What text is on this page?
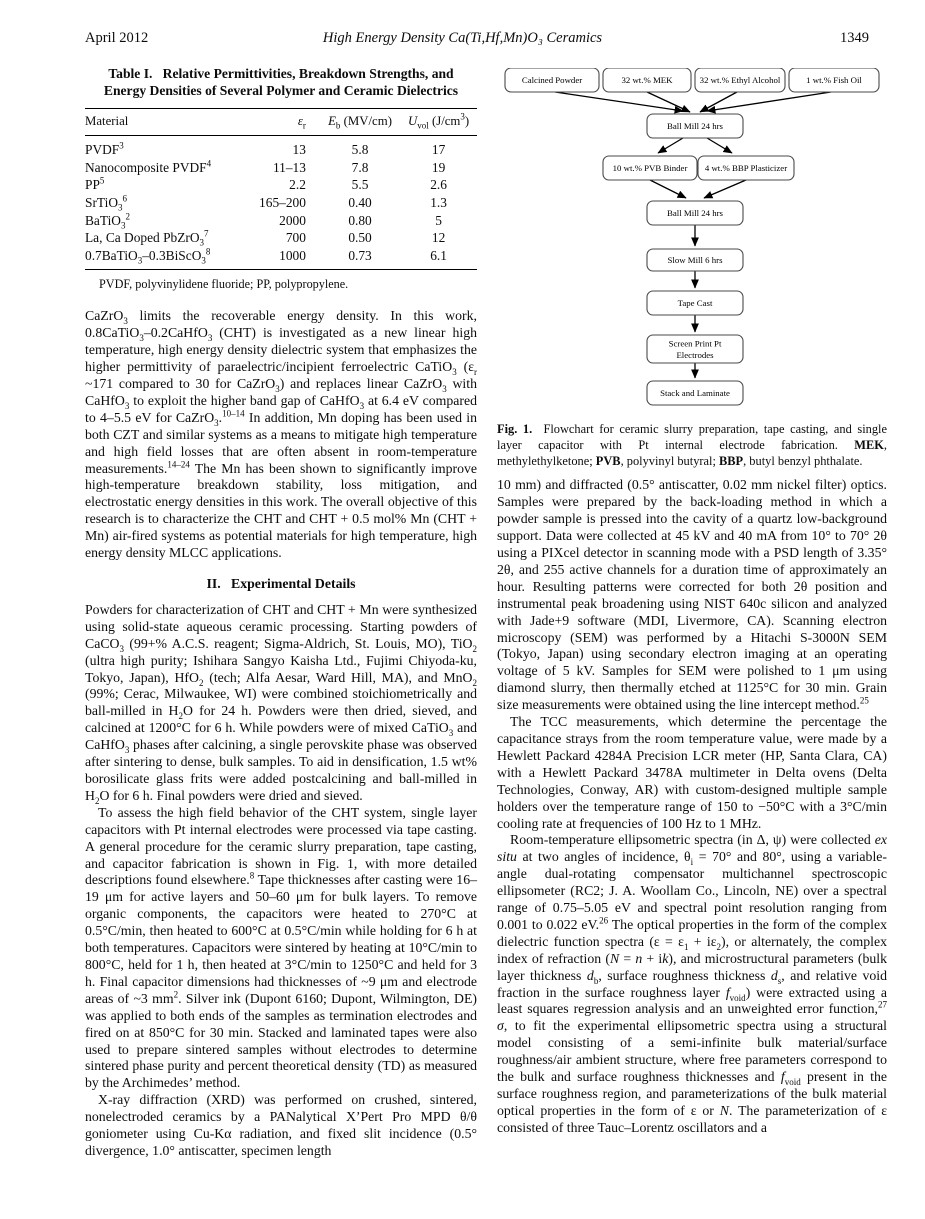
April 2012	High Energy Density Ca(Ti,Hf,Mn)O₃ Ceramics	1349
Table I.   Relative Permittivities, Breakdown Strengths, and Energy Densities of Several Polymer and Ceramic Dielectrics
Material	$\varepsilon_r$	$E_b$ (MV/cm)	$U_{vol}$ $(J/cm^3)$
PVDF$^3$	13	5.8	17
Nanocomposite PVDF$^4$	11–13	7.8	19
$PP^5$	2.2	5.5	2.6
SrTiO$_3^6$	165–200	0.40	1.3
BaTiO$_3^2$	2000	0.80	5
La, Ca Doped PbZrO$_3^7$	700	0.50	12
0.7BaTiO$_3$–0.3BiScO$_3^8$	1000	0.73	6.1
PVDF, polyvinylidene fluoride; PP, polypropylene.

CaZrO$_3$ limits the recoverable energy density. In this work, 0.8CaTiO$_3$–0.2CaHfO$_3$ (CHT) is investigated as a new linear high temperature, high energy density dielectric system that emphasizes the higher permittivity of paraelectric/incipient ferroelectric CaTiO$_3$ ($\varepsilon_r$ ~171 compared to 30 for CaZrO$_3$) and replaces linear CaZrO$_3$ with CaHfO$_3$ to exploit the higher band gap of CaHfO$_3$ at 6.4 eV compared to 4–5.5 eV for CaZrO$_3$.$^{10-14}$ In addition, Mn doping has been used in both CZT and similar systems as a means to mitigate high temperature and high field losses that are often absent in room-temperature measurements.$^{14-24}$ The Mn has been shown to significantly improve high-temperature breakdown stability, loss mitigation, and electrostatic energy densities in this work. The overall objective of this research is to characterize the CHT and CHT + 0.5 mol% Mn (CHT + Mn) air-fired systems as potential materials for high temperature, high energy density MLCC applications.

II.   Experimental Details

Powders for characterization of CHT and CHT + Mn were synthesized using solid-state aqueous ceramic processing. Starting powders of CaCO$_3$ (99+% A.C.S. reagent; Sigma-Aldrich, St. Louis, MO), TiO$_2$ (ultra high purity; Ishihara Sangyo Kaisha Ltd., Fujimi Chiyoda-ku, Tokyo, Japan), HfO$_2$ (tech; Alfa Aesar, Ward Hill, MA), and MnO$_2$ (99%; Cerac, Milwaukee, WI) were combined stoichiometrically and ball-milled in $H_2O$ for 24 h. Powders were then dried, sieved, and calcined at 1200°C for 6 h. While powders were of mixed CaTiO$_3$ and CaHfO$_3$ phases after calcining, a single perovskite phase was observed after sintering to dense, bulk samples. To aid in densification, 1.5 wt% borosilicate glass frits were added postcalcining and ball-milled in $H_2O$ for 6 h. Final powders were dried and sieved.

To assess the high field behavior of the CHT system, single layer capacitors with Pt internal electrodes were processed via tape casting. A general procedure for the ceramic slurry preparation, tape casting, and capacitor fabrication is shown in Fig. 1, with more detailed descriptions found elsewhere.$^8$ Tape thicknesses after casting were 16–19 μm for active layers and 50–60 μm for bulk layers. To remove organic components, the capacitors were heated to 270°C at 0.5°C/min, then heated to 600°C at 0.5°C/min while holding for 6 h at both temperatures. Capacitors were sintered by heating at 10°C/min to 800°C, held for 1 h, then heated at 3°C/min to 1250°C and held for 3 h. Final capacitor dimensions had thicknesses of ~9 μm and electrode areas of ~3 $mm^2$. Silver ink (Dupont 6160; Dupont, Wilmington, DE) was applied to both ends of the samples as termination electrodes and fired on at 850°C for 30 min. Stacked and laminated tapes were also used to prepare sintered samples without electrodes to determine sintered phase purity and percent theoretical density (TD) as measured by the Archimedes’ method.

X-ray diffraction (XRD) was performed on crushed, sintered, nonelectroded ceramics by a PANalytical X’Pert Pro MPD θ/θ goniometer using Cu-Kα radiation, and fixed slit incidence (0.5° divergence, 1.0° antiscatter, specimen length

Calcined Powder	32 wt.% MEK	32 wt.% Ethyl Alcohol	1 wt.% Fish Oil
Ball Mill 24 hrs
10 wt.% PVB Binder 4 wt.% BBP Plasticizer
Ball Mill 24 hrs
Slow Mill 6 hrs
Tape Cast
Screen Print Pt
Electrodes
Stack and Laminate
Fig. 1.  Flowchart for ceramic slurry preparation, tape casting, and single layer capacitor with Pt internal electrode fabrication. MEK, methylethylketone; PVB, polyvinyl butyral; BBP, butyl benzyl phthalate.

10 mm) and diffracted (0.5° antiscatter, 0.02 mm nickel filter) optics. Samples were prepared by the back-loading method in which a powder sample is pressed into the cavity of a quartz low-background support. Data were collected at 45 kV and 40 mA from 10° to 70° 2θ using a PIXcel detector in scanning mode with a PSD length of 3.35° 2θ, and 255 active channels for a duration time of approximately an hour. Resulting patterns were corrected for both 2θ position and instrumental peak broadening using NIST 640c silicon and analyzed with Jade+9 software (MDI, Livermore, CA). Scanning electron microscopy (SEM) was performed by a Hitachi S-3000N SEM (Tokyo, Japan) using secondary electron imaging at an operating voltage of 5 kV. Samples for SEM were polished to 1 μm using diamond slurry, then thermally etched at 1125°C for 30 min. Grain size measurements were obtained using the line intercept method.$^{25}$

The TCC measurements, which determine the percentage the capacitance strays from the room temperature value, were made by a Hewlett Packard 4284A Precision LCR meter (HP, Santa Clara, CA) with a Hewlett Packard 3478A multimeter in Delta ovens (Delta Technologies, Conway, AR) with custom-designed multiple sample holders over the temperature range of 150 to −50°C with a 3°C/min cooling rate at frequencies of 100 Hz to 1 MHz.

Room-temperature ellipsometric spectra (in Δ, ψ) were collected ex situ at two angles of incidence, $\theta_i = 70^\circ$ and 80°, using a variable-angle dual-rotating compensator multichannel spectroscopic ellipsometer (RC2; J. A. Woollam Co., Lincoln, NE) over a spectral range of 0.75–5.05 eV and spectral point resolution ranging from 0.001 to 0.022 eV.$^{26}$ The optical properties in the form of the complex dielectric function spectra $(\varepsilon = \varepsilon_1 + i\varepsilon_2)$, or alternately, the complex index of refraction (N = n + ik), and microstructural parameters (bulk layer thickness $d_b$, surface roughness thickness $d_s$, and relative void fraction in the surface roughness layer $f_{void}$) were extracted using a least squares regression analysis and an unweighted error function,$^{27}$ σ, to fit the experimental ellipsometric spectra using a structural model consisting of a semi-infinite bulk material/surface roughness/air ambient structure, where free parameters correspond to the bulk and surface roughness thicknesses and $f_{void}$ present in the surface roughness region, and parameterizations of the bulk material optical properties in the form of ε or N. The parameterization of ε consisted of three Tauc–Lorentz oscillators and a
